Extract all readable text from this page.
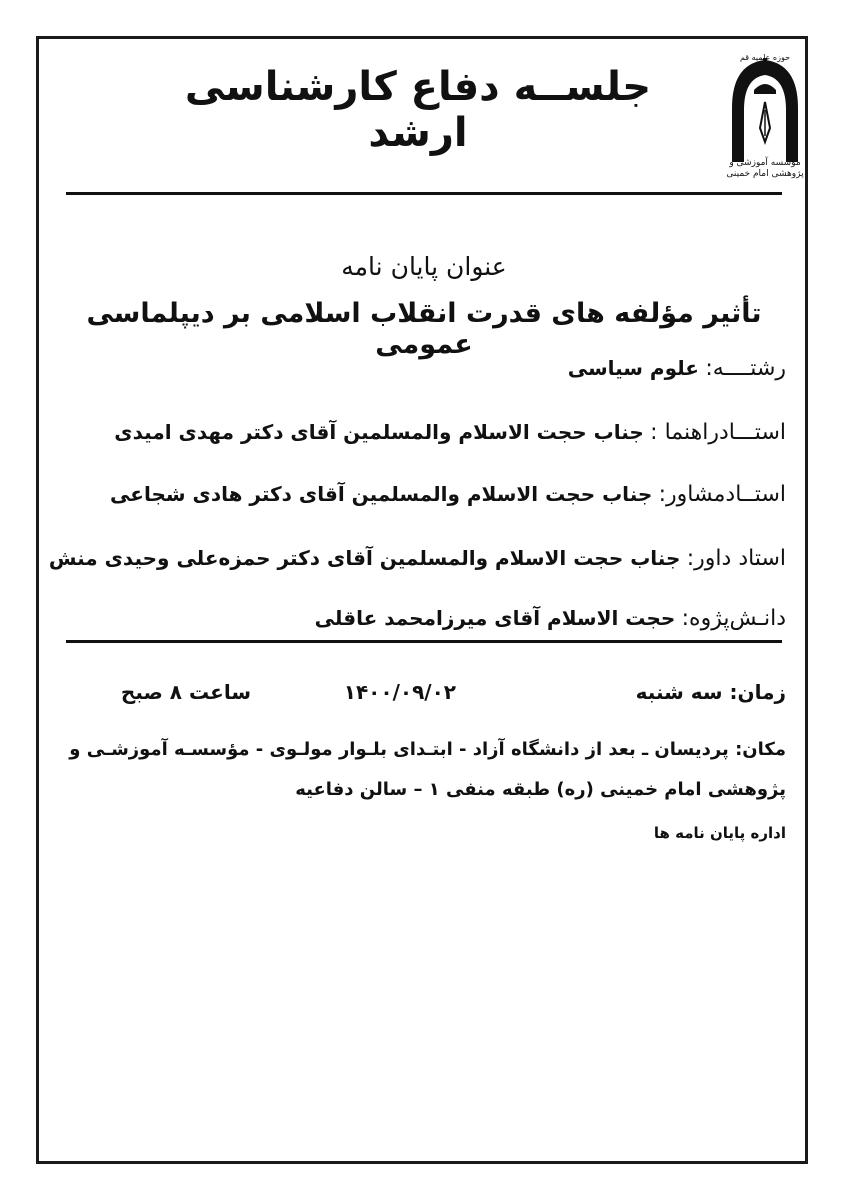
حوزه علمیه قم
مؤسسه آموزشی و پژوهشی امام خمینی
جلســه دفاع کارشناسی ارشد
عنوان پایان نامه
تأثیر مؤلفه های قدرت انقلاب اسلامی بر دیپلماسی عمومی
رشتــــه: علوم سیاسی
استـــادراهنما : جناب حجت الاسلام والمسلمین آقای دکتر مهدی امیدی
استــادمشاور: جناب حجت الاسلام والمسلمین آقای دکتر هادی شجاعی
استاد داور: جناب حجت الاسلام والمسلمین آقای دکتر حمزه‌علی وحیدی منش
دانـش‌پژوه: حجت الاسلام آقای میرزامحمد عاقلی
زمان: سه شنبه
۱۴۰۰/۰۹/۰۲
ساعت ۸ صبح
مکان: پردیسان ـ بعد از دانشگاه آزاد - ابتـدای بلـوار مولـوی - مؤسسـه آموزشـی و پژوهشی امام خمینی (ره) طبقه منفی ۱ – سالن دفاعیه
اداره پایان نامه ها
